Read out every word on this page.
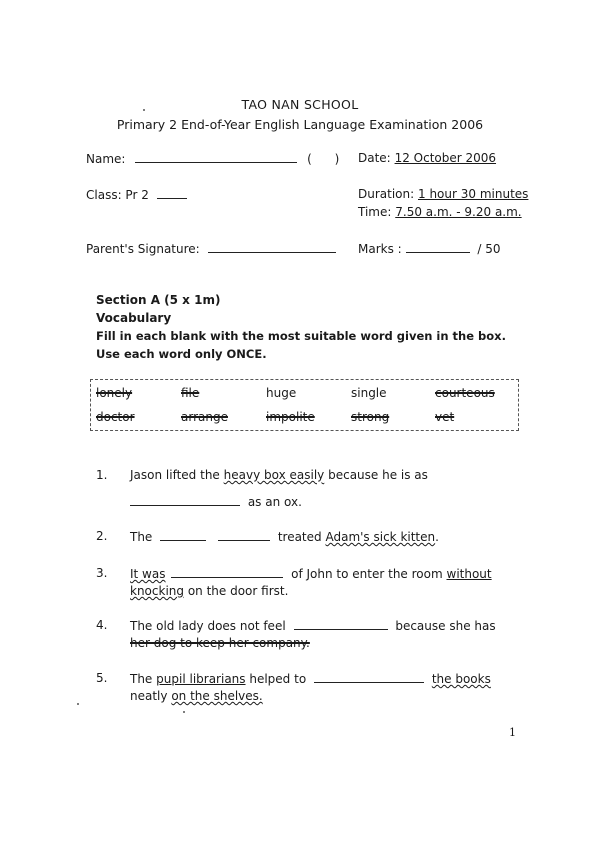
TAO NAN SCHOOL
Primary 2 End-of-Year English Language Examination 2006
Name:	(      ) Date: 12 October 2006
Class: Pr 2	Duration: 1 hour 30 minutes
Time: 7.50 a.m. - 9.20 a.m.
Parent's Signature:	Marks :	/ 50
Section A (5 x 1m)
Vocabulary
Fill in each blank with the most suitable word given in the box.
Use each word only ONCE.
lonely	file	huge	single	courteous
doctor	arrange	impolite	strong	vet
1. Jason lifted the heavy box easily because he is as
as an ox.
2. The	treated Adam's sick kitten.
3. It was	of John to enter the room without
knocking on the door first.
4. The old lady does not feel	because she has
her dog to keep her company.
5. The pupil librarians helped to	the books
neatly on the shelves.
1
